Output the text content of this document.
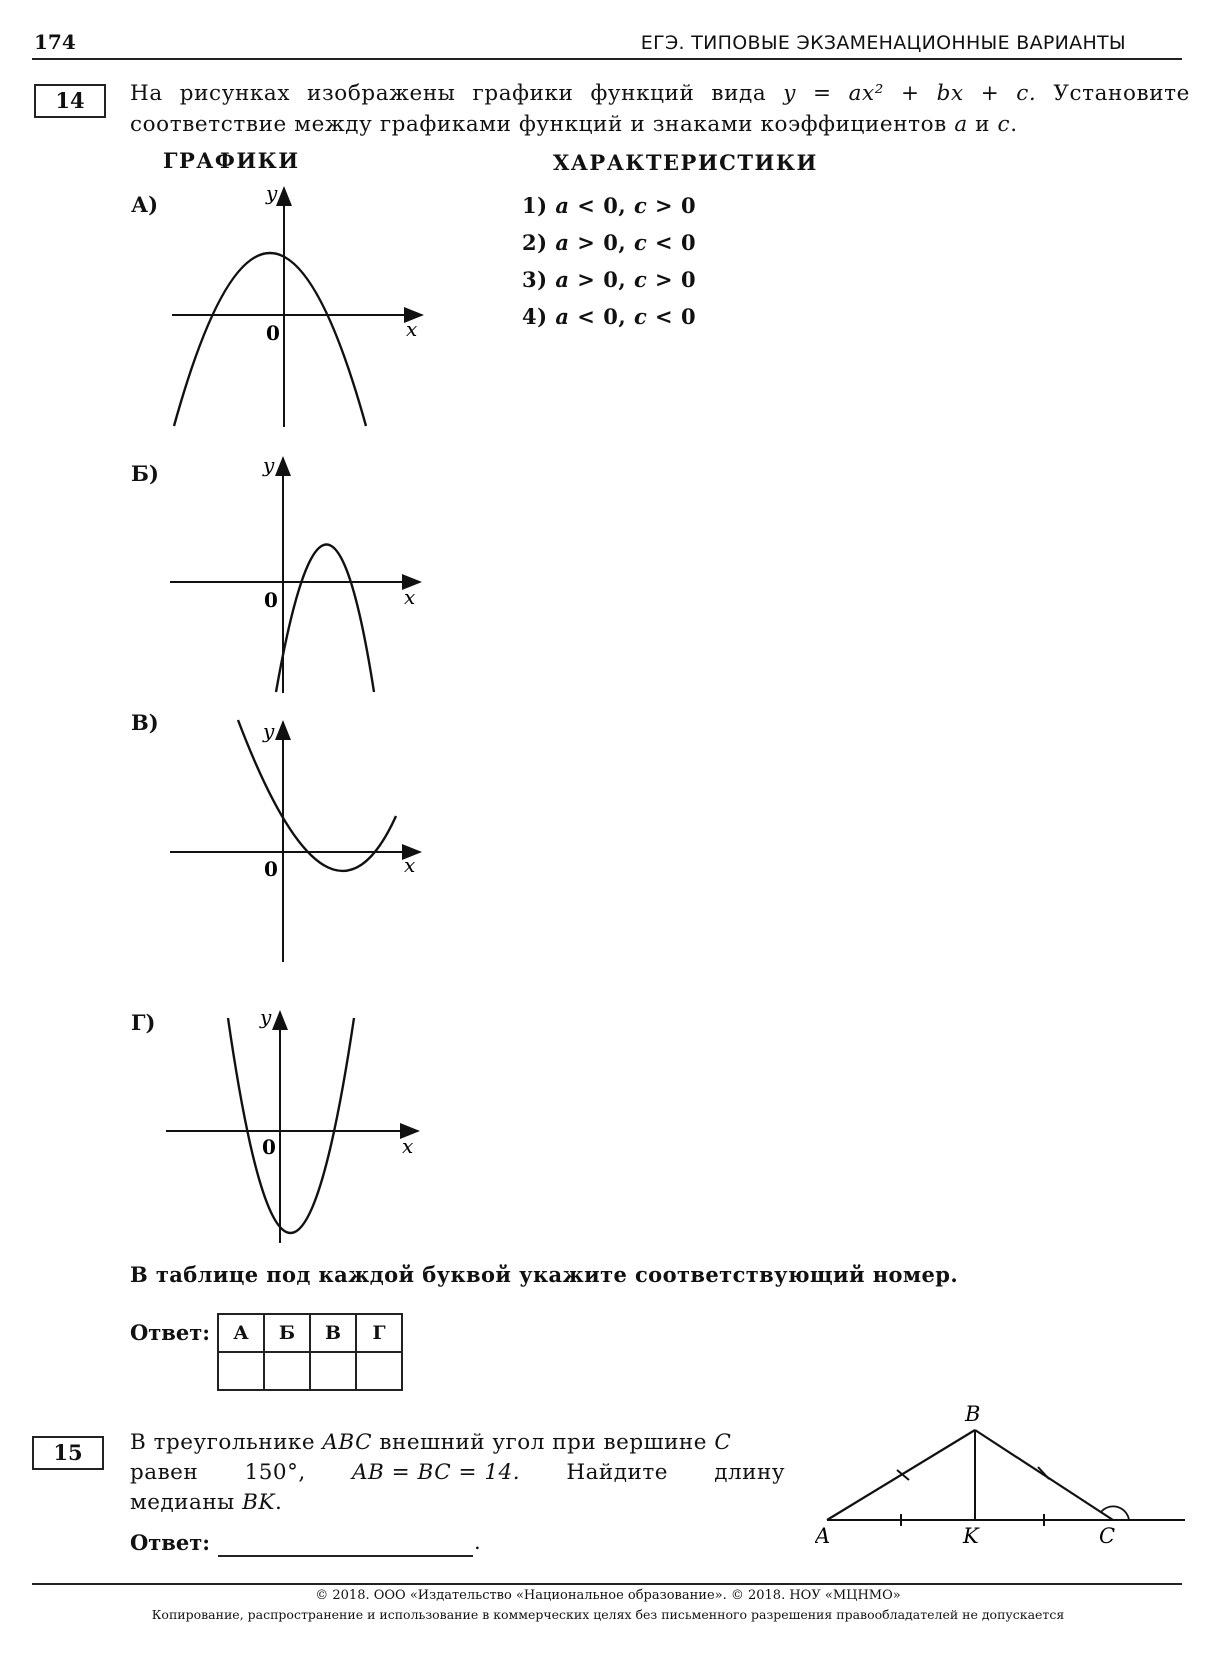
174	ЕГЭ. ТИПОВЫЕ ЭКЗАМЕНАЦИОННЫЕ ВАРИАНТЫ
14	На рисунках изображены графики функций вида y = ax² + bx + c. Установите соответствие между графиками функций и знаками коэффициентов a и c.
ГРАФИКИ	ХАРАКТЕРИСТИКИ
А)
Б)
В)
Г)
y
x
0
y
x
0
y
x
0
y
x
0
1) a < 0, c > 0
2) a > 0, c < 0
3) a > 0, c > 0
4) a < 0, c < 0
В таблице под каждой буквой укажите соответствующий номер.
Ответ: А	Б	В	Г

15	В треугольнике ABC внешний угол при вершине C
равен 150°, AB = BC = 14. Найдите длину
медианы BK.
Ответ:	.
B
A	K	C
© 2018. ООО «Издательство «Национальное образование». © 2018. НОУ «МЦНМО»
Копирование, распространение и использование в коммерческих целях без письменного разрешения правообладателей не допускается
